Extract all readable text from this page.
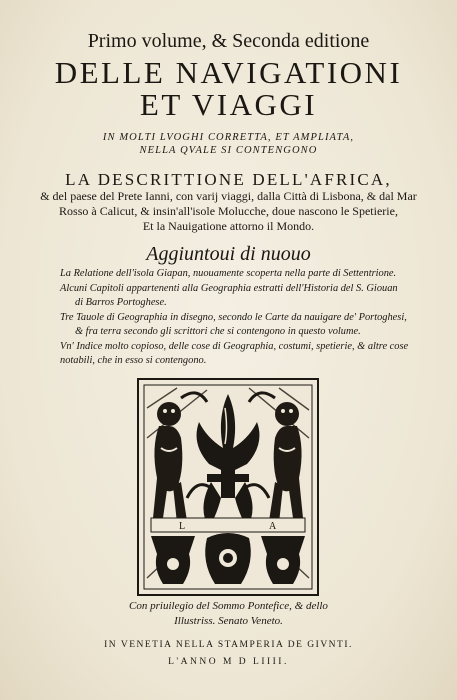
Primo volume, & Seconda editione
DELLE NAVIGATIONI
ET VIAGGI
IN MOLTI LVOGHI CORRETTA, ET AMPLIATA,
NELLA QVALE SI CONTENGONO
LA DESCRITTIONE DELL'AFRICA,
& del paese del Prete Ianni, con varij viaggi, dalla Città di Lisbona, & dal Mar
Rosso à Calicut, & insin'all'isole Molucche, doue nascono le Spetierie,
Et la Nauigatione attorno il Mondo.
Aggiuntoui di nuouo
La Relatione dell'isola Giapan, nuouamente scoperta nella parte di Settentrione.
Alcuni Capitoli appartenenti alla Geographia estratti dell'Historia del S. Giouan
di Barros Portoghese.
Tre Tauole di Geographia in disegno, secondo le Carte da nauigare de' Portoghesi,
& fra terra secondo gli scrittori che si contengono in questo volume.
Vn' Indice molto copioso, delle cose di Geographia, costumi, spetierie, & altre cose
notabili, che in esso si contengono.
L	A
Con priuilegio del Sommo Pontefice, & dello
Illustriss. Senato Veneto.
IN VENETIA NELLA STAMPERIA DE GIVNTI.
L'ANNO M D LIIII.
